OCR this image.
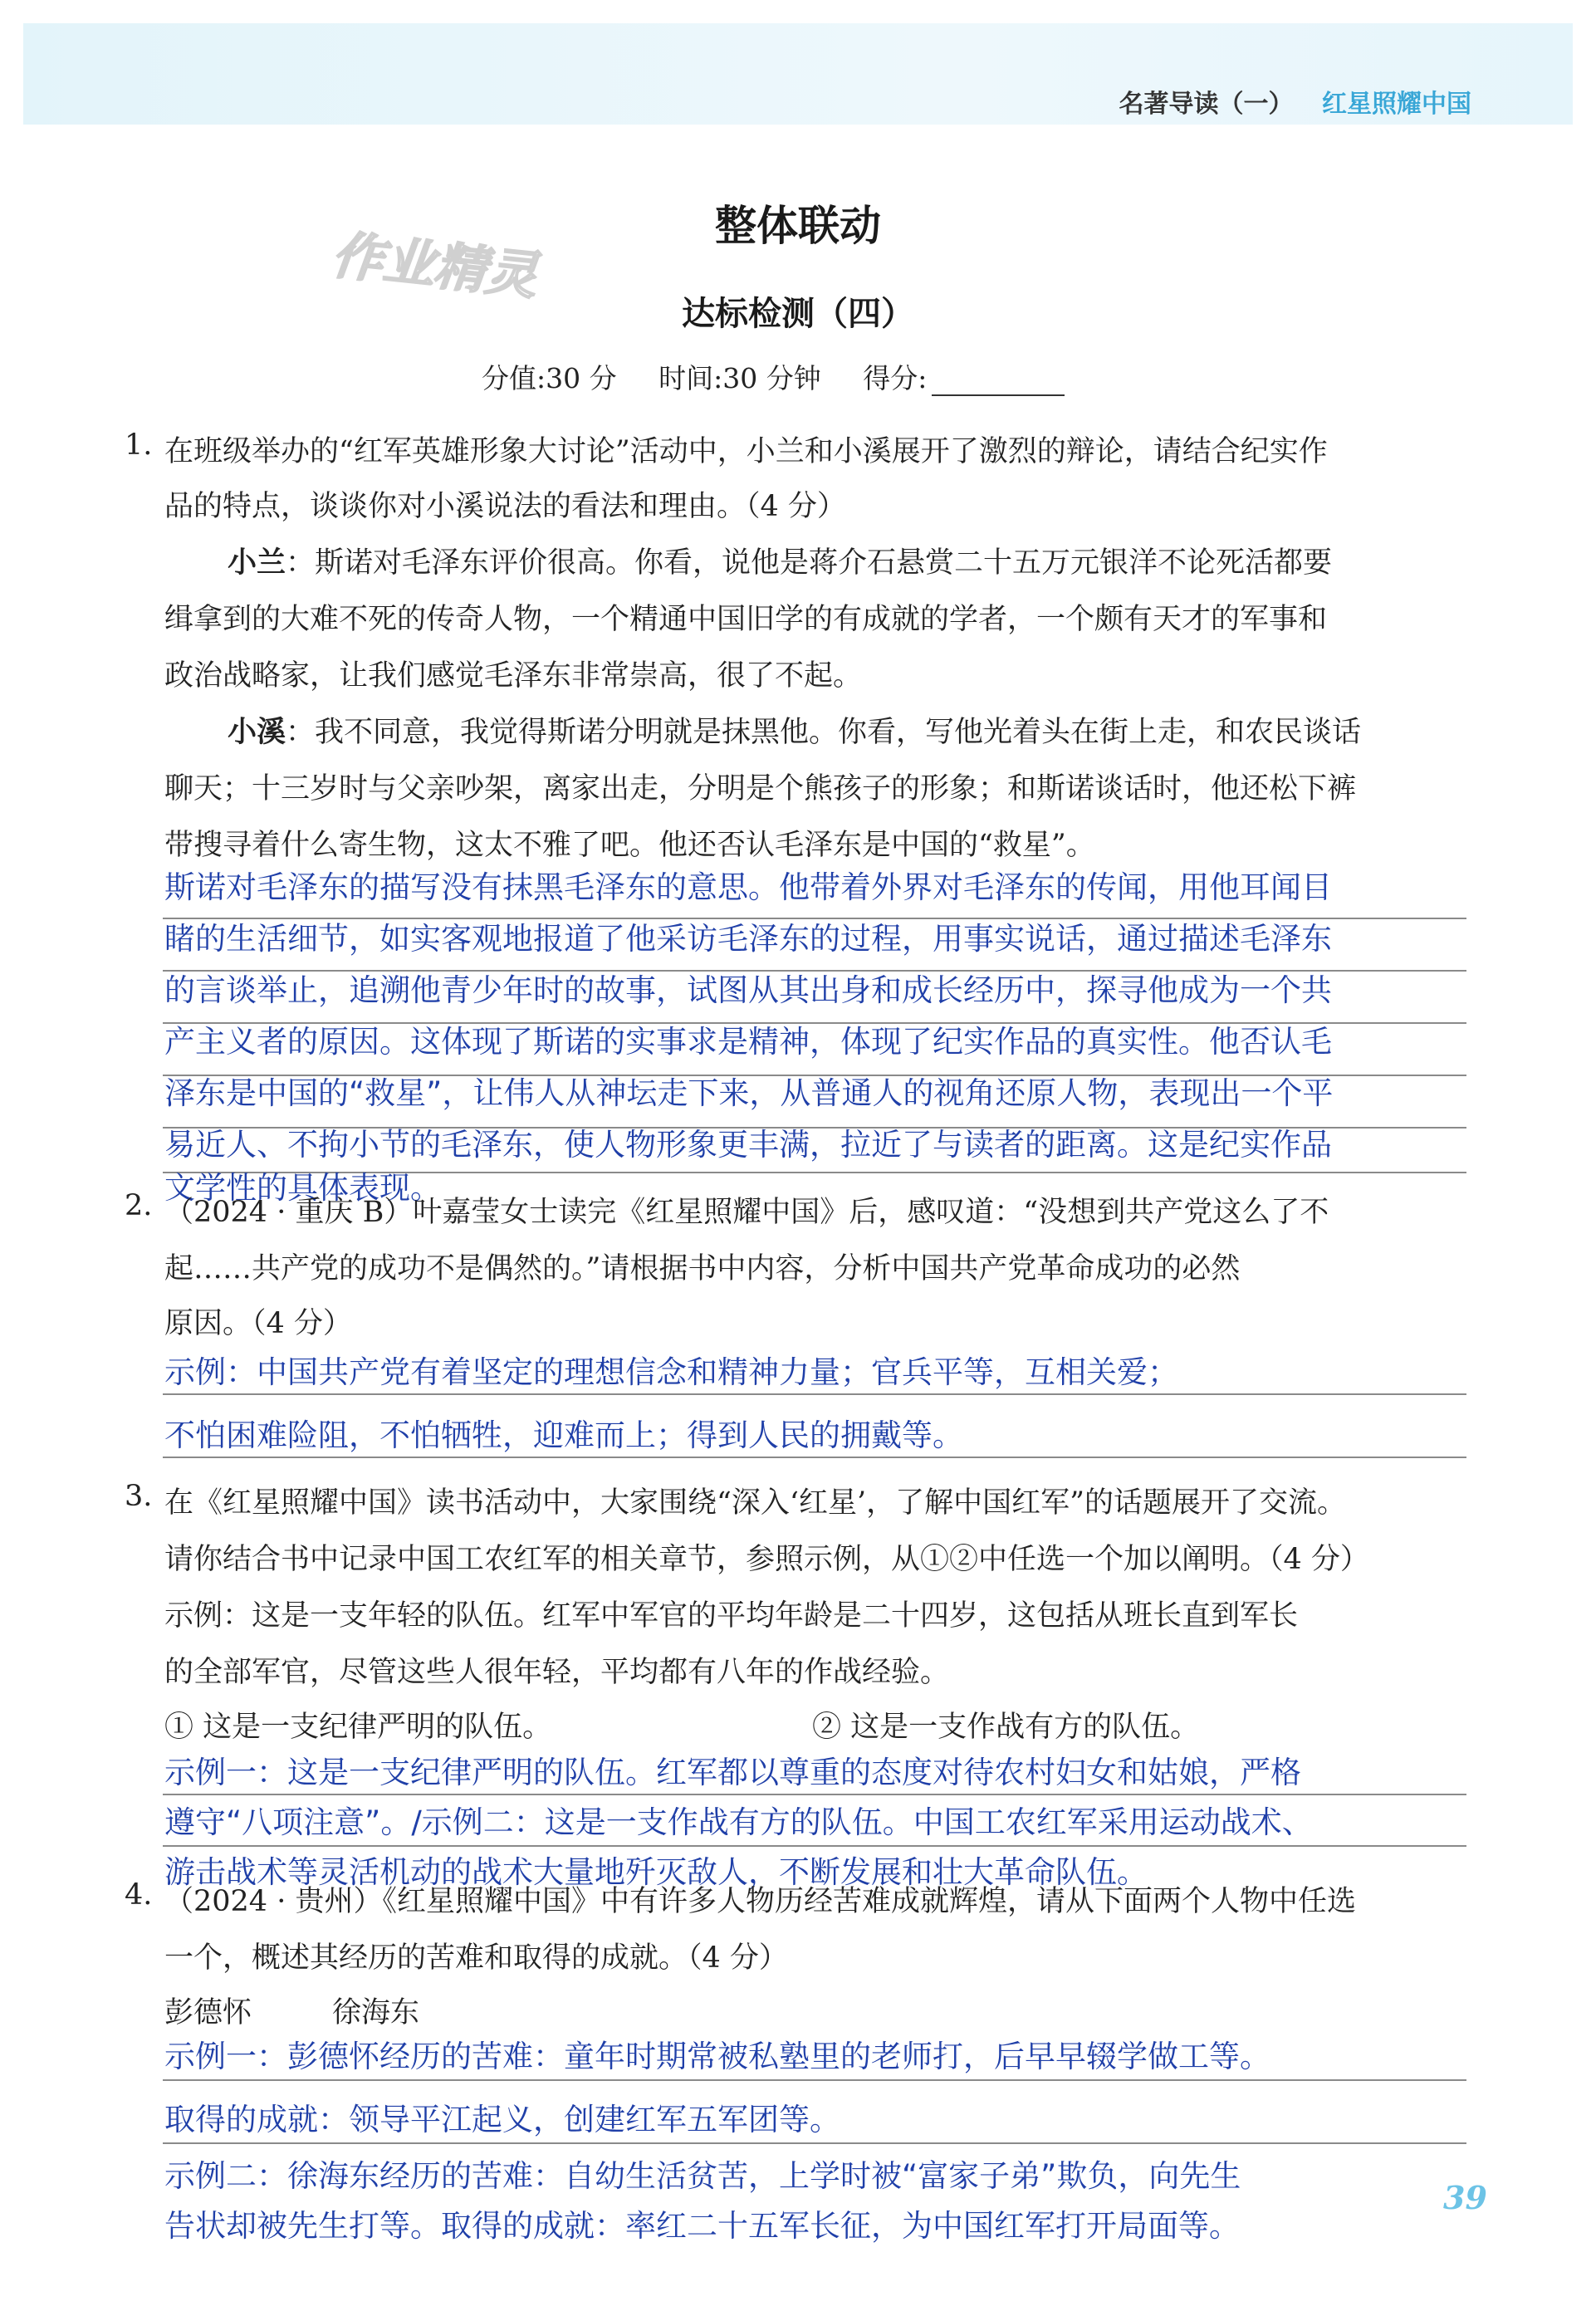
名著导读（一） 红星照耀中国
作业精灵	整体联动
达标检测（四）
分值:30 分 时间:30 分钟 得分:
1. 在班级举办的“红军英雄形象大讨论”活动中，小兰和小溪展开了激烈的辩论，请结合纪实作
品的特点，谈谈你对小溪说法的看法和理由。（4 分）
小兰：斯诺对毛泽东评价很高。你看，说他是蒋介石悬赏二十五万元银洋不论死活都要
缉拿到的大难不死的传奇人物，一个精通中国旧学的有成就的学者，一个颇有天才的军事和
政治战略家，让我们感觉毛泽东非常崇高，很了不起。
小溪：我不同意，我觉得斯诺分明就是抹黑他。你看，写他光着头在街上走，和农民谈话
聊天；十三岁时与父亲吵架，离家出走，分明是个熊孩子的形象；和斯诺谈话时，他还松下裤
带搜寻着什么寄生物，这太不雅了吧。他还否认毛泽东是中国的“救星”。
斯诺对毛泽东的描写没有抹黑毛泽东的意思。他带着外界对毛泽东的传闻，用他耳闻目
睹的生活细节，如实客观地报道了他采访毛泽东的过程，用事实说话，通过描述毛泽东
的言谈举止，追溯他青少年时的故事，试图从其出身和成长经历中，探寻他成为一个共
产主义者的原因。这体现了斯诺的实事求是精神，体现了纪实作品的真实性。他否认毛
泽东是中国的“救星”，让伟人从神坛走下来，从普通人的视角还原人物，表现出一个平
易近人、不拘小节的毛泽东，使人物形象更丰满，拉近了与读者的距离。这是纪实作品
文学性的具体表现。
2. （2024 · 重庆 B）叶嘉莹女士读完《红星照耀中国》后，感叹道：“没想到共产党这么了不
起……共产党的成功不是偶然的。”请根据书中内容，分析中国共产党革命成功的必然
原因。（4 分）
示例：中国共产党有着坚定的理想信念和精神力量；官兵平等，互相关爱；
不怕困难险阻，不怕牺牲，迎难而上；得到人民的拥戴等。
3. 在《红星照耀中国》读书活动中，大家围绕“深入‘红星’，了解中国红军”的话题展开了交流。
请你结合书中记录中国工农红军的相关章节，参照示例，从①②中任选一个加以阐明。（4 分）
示例：这是一支年轻的队伍。红军中军官的平均年龄是二十四岁，这包括从班长直到军长
的全部军官，尽管这些人很年轻，平均都有八年的作战经验。
① 这是一支纪律严明的队伍。	② 这是一支作战有方的队伍。
示例一：这是一支纪律严明的队伍。红军都以尊重的态度对待农村妇女和姑娘，严格
遵守“八项注意”。/示例二：这是一支作战有方的队伍。中国工农红军采用运动战术、
游击战术等灵活机动的战术大量地歼灭敌人，不断发展和壮大革命队伍。
4. （2024 · 贵州）《红星照耀中国》中有许多人物历经苦难成就辉煌，请从下面两个人物中任选
一个，概述其经历的苦难和取得的成就。（4 分）
彭德怀	徐海东
示例一：彭德怀经历的苦难：童年时期常被私塾里的老师打，后早早辍学做工等。
取得的成就：领导平江起义，创建红军五军团等。
示例二：徐海东经历的苦难：自幼生活贫苦，上学时被“富家子弟”欺负，向先生
告状却被先生打等。取得的成就：率红二十五军长征，为中国红军打开局面等。
39
